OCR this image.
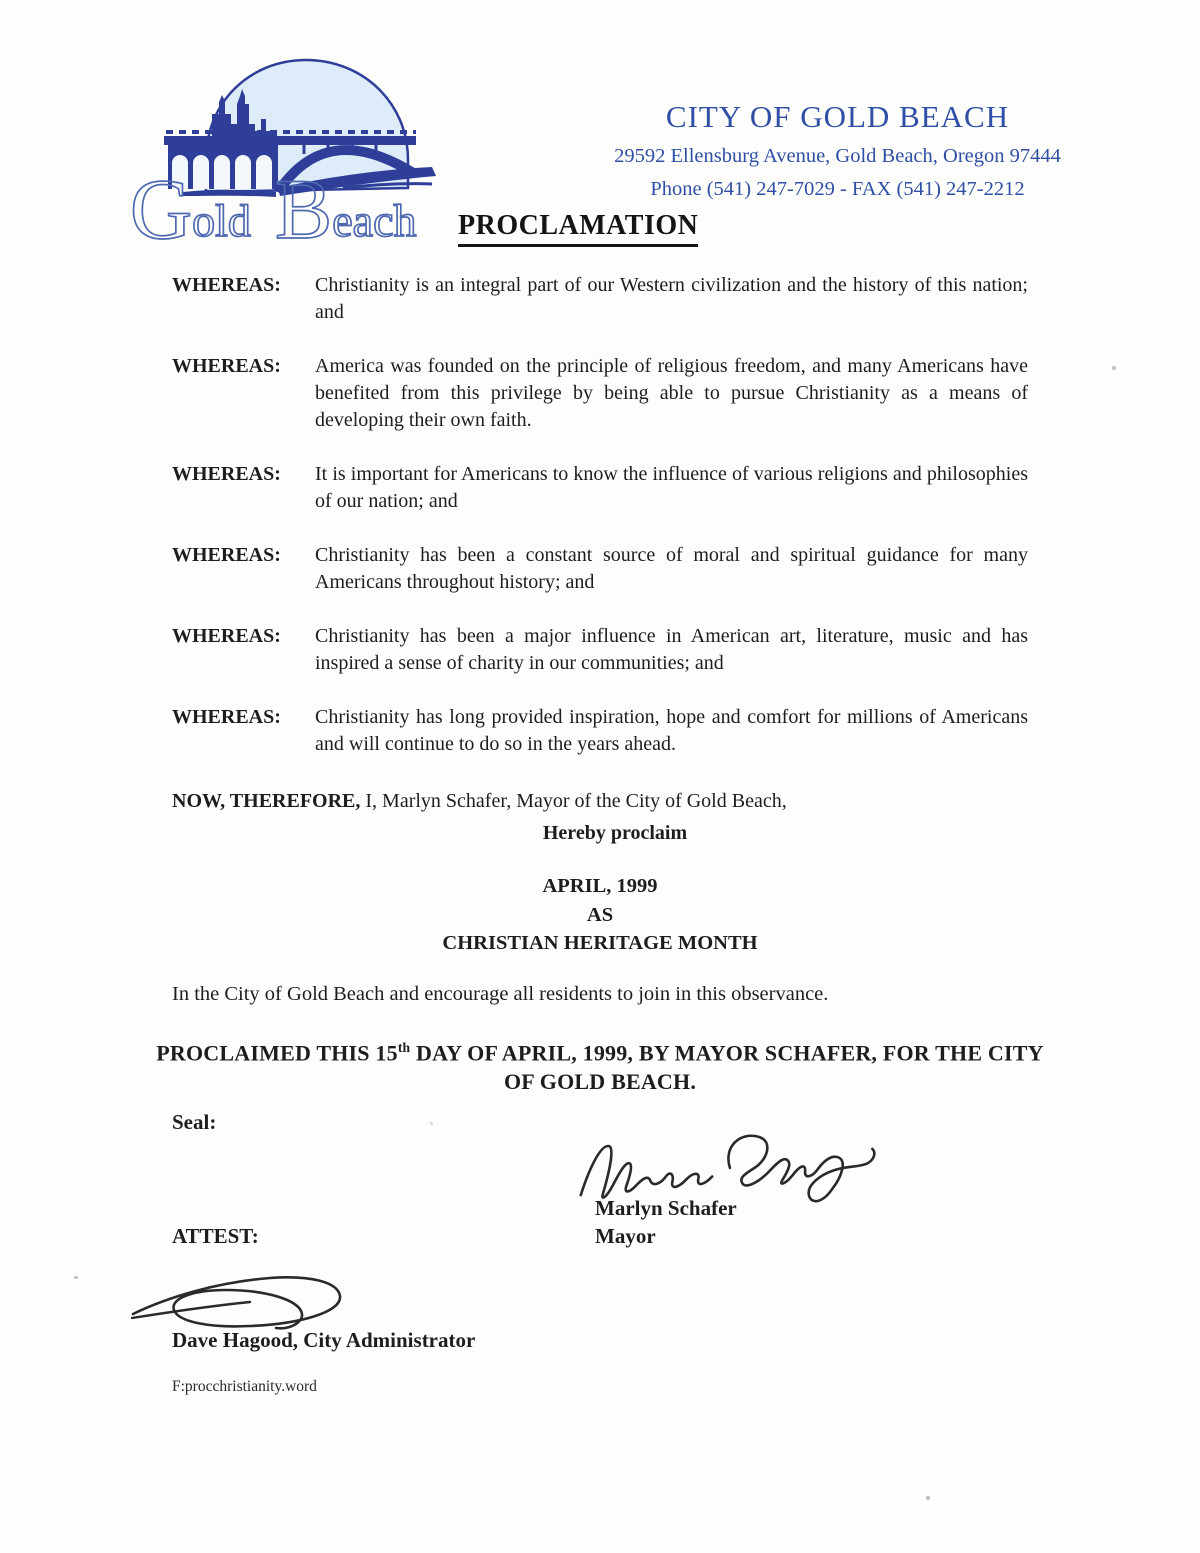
Gold Beach
CITY OF GOLD BEACH
29592 Ellensburg Avenue, Gold Beach, Oregon 97444
Phone (541) 247-7029 - FAX (541) 247-2212
PROCLAMATION
WHEREAS:	Christianity is an integral part of our Western civilization and the history of this nation; and
WHEREAS:	America was founded on the principle of religious freedom, and many Americans have benefited from this privilege by being able to pursue Christianity as a means of developing their own faith.
WHEREAS:	It is important for Americans to know the influence of various religions and philosophies of our nation; and
WHEREAS:	Christianity has been a constant source of moral and spiritual guidance for many Americans throughout history; and
WHEREAS:	Christianity has been a major influence in American art, literature, music and has inspired a sense of charity in our communities; and
WHEREAS:	Christianity has long provided inspiration, hope and comfort for millions of Americans and will continue to do so in the years ahead.
NOW, THEREFORE, I, Marlyn Schafer, Mayor of the City of Gold Beach,
Hereby proclaim
APRIL, 1999
AS
CHRISTIAN HERITAGE MONTH
In the City of Gold Beach and encourage all residents to join in this observance.
PROCLAIMED THIS 15th DAY OF APRIL, 1999, BY MAYOR SCHAFER, FOR THE CITY OF GOLD BEACH.
Seal:
Marlyn Schafer
Mayor
ATTEST:
Dave Hagood, City Administrator
F:procchristianity.word
